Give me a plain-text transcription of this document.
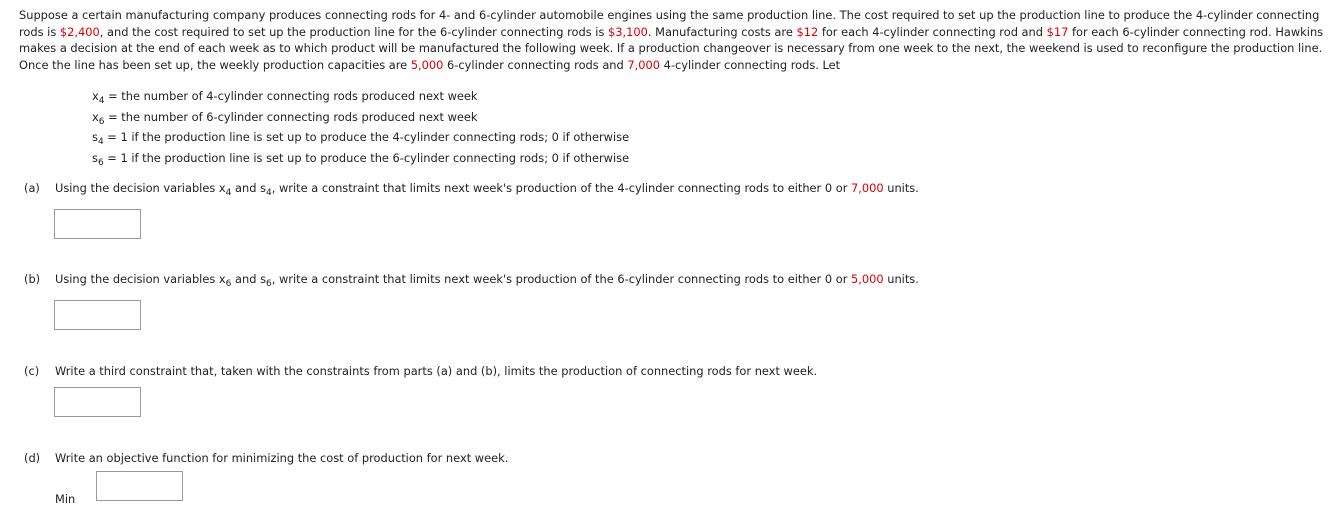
Suppose a certain manufacturing company produces connecting rods for 4- and 6-cylinder automobile engines using the same production line. The cost required to set up the production line to produce the 4-cylinder connecting rods is $2,400, and the cost required to set up the production line for the 6-cylinder connecting rods is $3,100. Manufacturing costs are $12 for each 4-cylinder connecting rod and $17 for each 6-cylinder connecting rod. Hawkins makes a decision at the end of each week as to which product will be manufactured the following week. If a production changeover is necessary from one week to the next, the weekend is used to reconfigure the production line. Once the line has been set up, the weekly production capacities are 5,000 6-cylinder connecting rods and 7,000 4-cylinder connecting rods. Let

$x_4$ = the number of 4-cylinder connecting rods produced next week
$x_6$ = the number of 6-cylinder connecting rods produced next week
$s_4 = 1$ if the production line is set up to produce the 4-cylinder connecting rods; 0 if otherwise
$s_6 = 1$ if the production line is set up to produce the 6-cylinder connecting rods; 0 if otherwise
(a) Using the decision variables $x_4$ and $s_4$, write a constraint that limits next week's production of the 4-cylinder connecting rods to either 0 or 7,000 units.
(b) Using the decision variables $x_6$ and $s_6$, write a constraint that limits next week's production of the 6-cylinder connecting rods to either 0 or 5,000 units.
(c) Write a third constraint that, taken with the constraints from parts (a) and (b), limits the production of connecting rods for next week.
(d) Write an objective function for minimizing the cost of production for next week.
Min
